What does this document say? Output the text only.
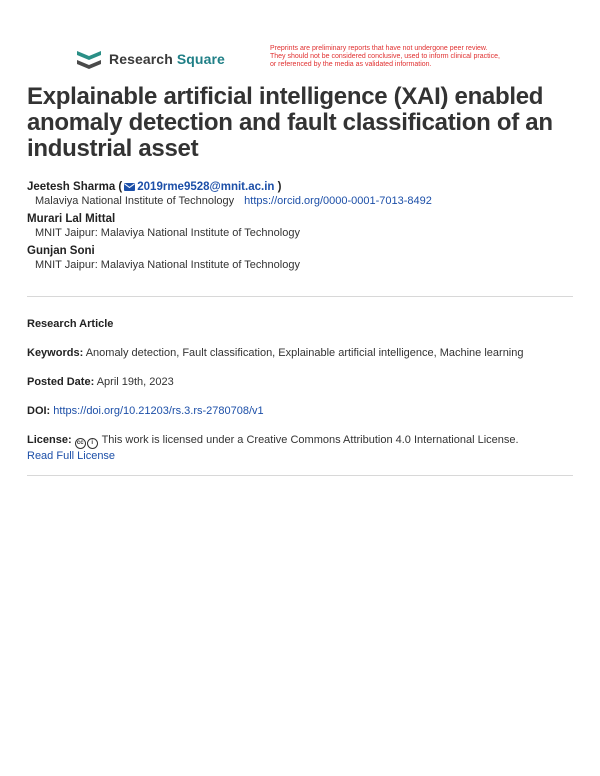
Research Square
Preprints are preliminary reports that have not undergone peer review.
They should not be considered conclusive, used to inform clinical practice,
or referenced by the media as validated information.
Explainable artificial intelligence (XAI) enabled anomaly detection and fault classification of an industrial asset
Jeetesh Sharma ( 2019rme9528@mnit.ac.in )
Malaviya National Institute of Technology https://orcid.org/0000-0001-7013-8492
Murari Lal Mittal
MNIT Jaipur: Malaviya National Institute of Technology
Gunjan Soni
MNIT Jaipur: Malaviya National Institute of Technology
Research Article
Keywords: Anomaly detection, Fault classification, Explainable artificial intelligence, Machine learning
Posted Date: April 19th, 2023
DOI: https://doi.org/10.21203/rs.3.rs-2780708/v1
License: cc i This work is licensed under a Creative Commons Attribution 4.0 International License.
Read Full License
